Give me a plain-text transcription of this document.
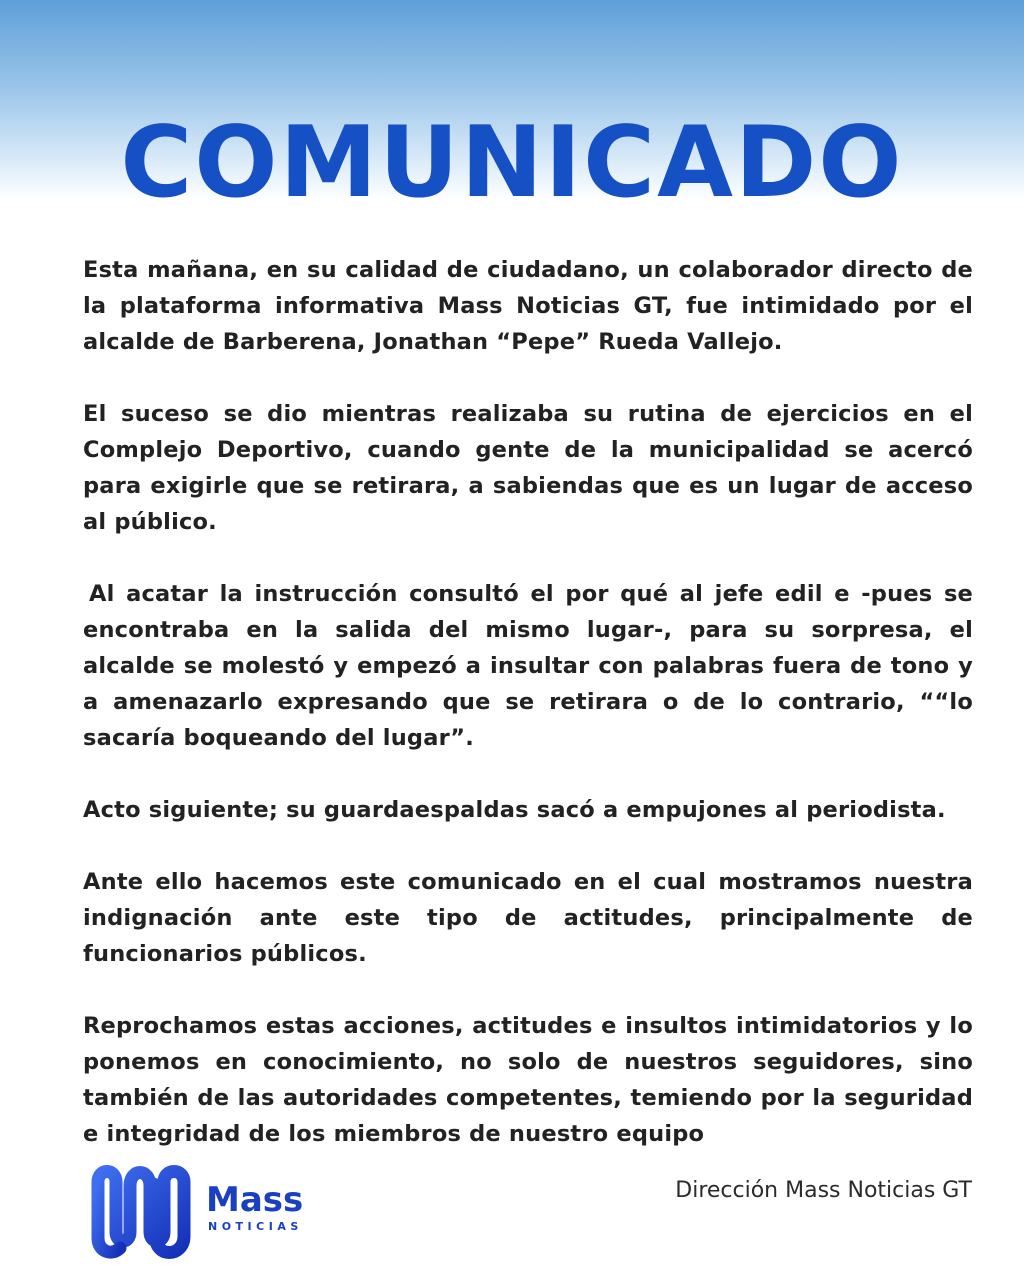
COMUNICADO

Esta mañana, en su calidad de ciudadano, un colaborador directo de la plataforma informativa Mass Noticias GT, fue intimidado por el alcalde de Barberena, Jonathan “Pepe” Rueda Vallejo.

El suceso se dio mientras realizaba su rutina de ejercicios en el Complejo Deportivo, cuando gente de la municipalidad se acercó para exigirle que se retirara, a sabiendas que es un lugar de acceso al público.

Al acatar la instrucción consultó el por qué al jefe edil e -pues se encontraba en la salida del mismo lugar-, para su sorpresa, el alcalde se molestó y empezó a insultar con palabras fuera de tono y a amenazarlo expresando que se retirara o de lo contrario, ““lo sacaría boqueando del lugar”.

Acto siguiente; su guardaespaldas sacó a empujones al periodista.

Ante ello hacemos este comunicado en el cual mostramos nuestra indignación ante este tipo de actitudes, principalmente de funcionarios públicos.

Reprochamos estas acciones, actitudes e insultos intimidatorios y lo ponemos en conocimiento, no solo de nuestros seguidores, sino también de las autoridades competentes, temiendo por la seguridad e integridad de los miembros de nuestro equipo

Mass
NOTICIAS

Dirección Mass Noticias GT
